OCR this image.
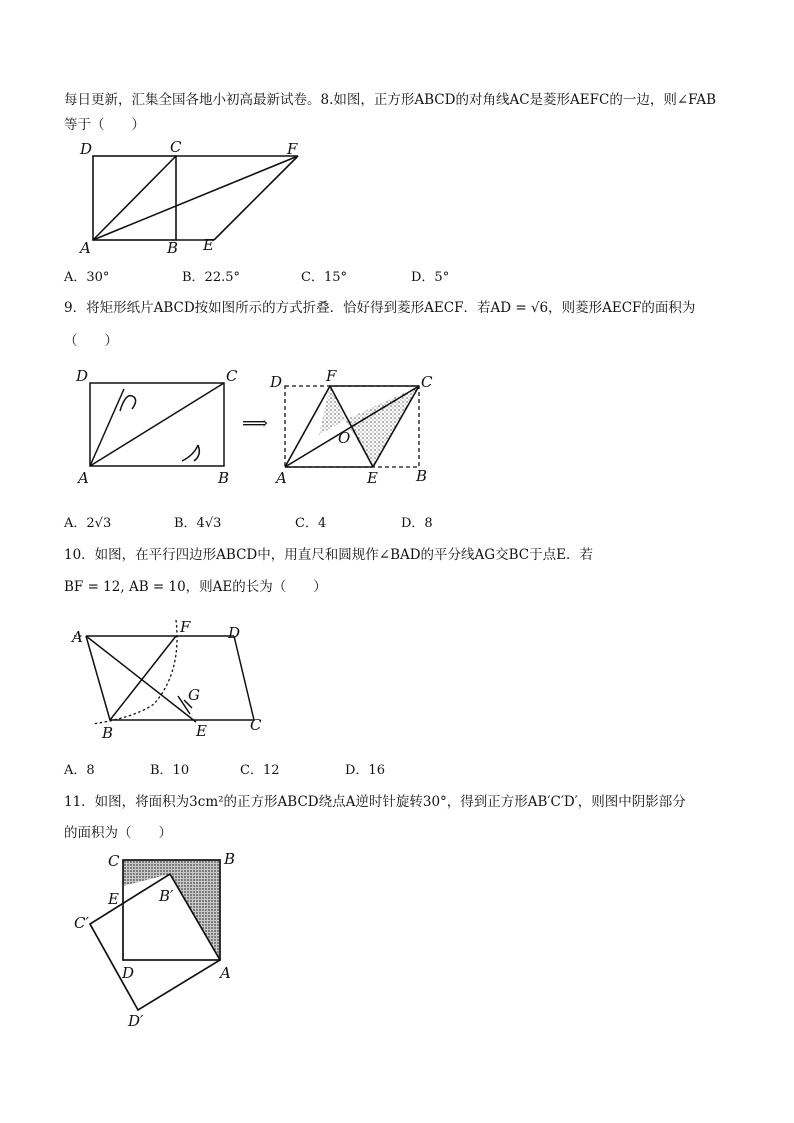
每日更新，汇集全国各地小初高最新试卷。8.如图，正方形ABCD的对角线AC是菱形AEFC的一边，则∠FAB
等于（　　）
D	C	F
A	B E
A．30°	B．22.5°	C．15°	D．5°
9．将矩形纸片ABCD按如图所示的方式折叠．恰好得到菱形AECF．若AD = √6，则菱形AECF的面积为
（　　）
D	C
A	B
⟹
D	F	C
O
A	E	B
A．2√3	B．4√3	C．4	D．8
10．如图，在平行四边形ABCD中，用直尺和圆规作∠BAD的平分线AG交BC于点E．若
BF = 12, AB = 10，则AE的长为（　　）
A
F	D
G
B	E	C
A．8	B．10	C．12	D．16
11．如图，将面积为3cm²的正方形ABCD绕点A逆时针旋转30°，得到正方形AB′C′D′，则图中阴影部分
的面积为（　　）
C	B
E	B′
C′
D	A
D′
